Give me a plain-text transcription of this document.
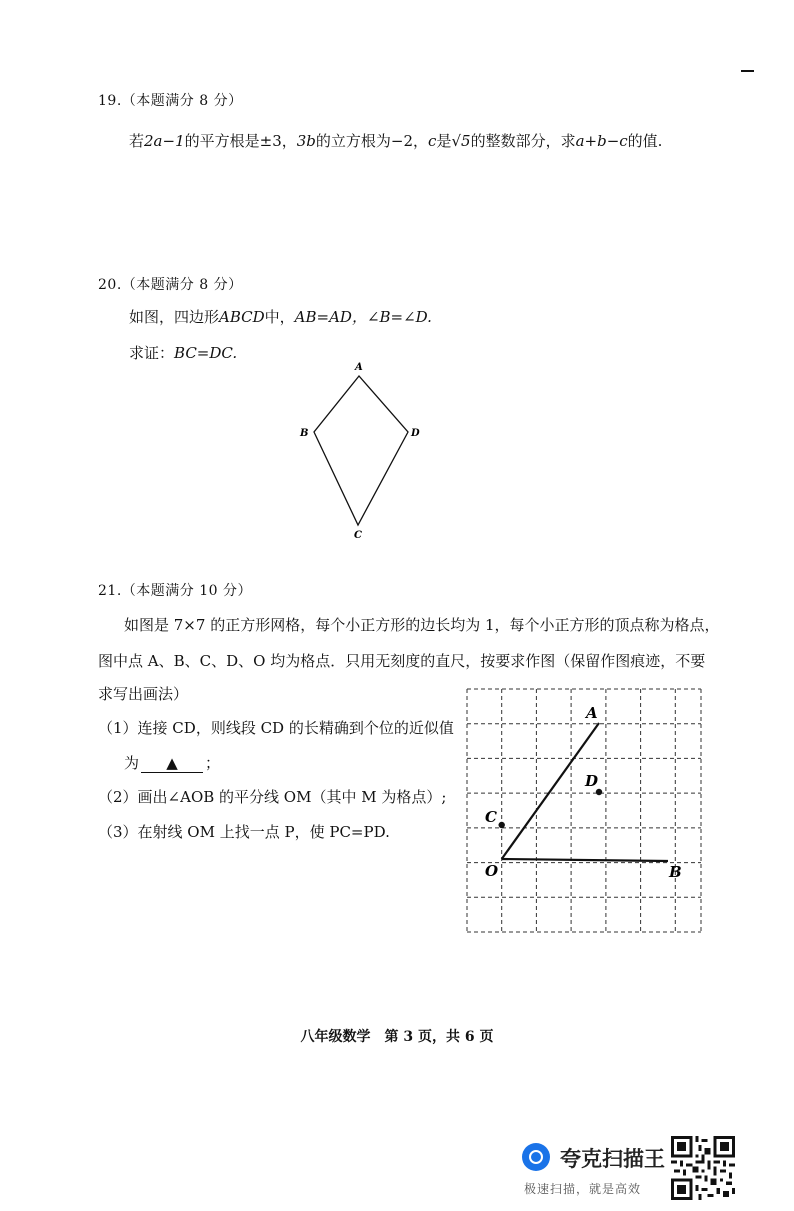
19.（本题满分 8 分）
若2a−1的平方根是±3，3b的立方根为−2，c是√5的整数部分，求a+b−c的值.
20.（本题满分 8 分）
如图，四边形ABCD中，AB=AD，∠B=∠D.
求证：BC=DC.
A
B
C
D
21.（本题满分 10 分）
如图是 7×7 的正方形网格，每个小正方形的边长均为 1，每个小正方形的顶点称为格点，
图中点 A、B、C、D、O 均为格点．只用无刻度的直尺，按要求作图（保留作图痕迹，不要
求写出画法）
（1）连接 CD，则线段 CD 的长精确到个位的近似值
为 ▲ ；
（2）画出∠AOB 的平分线 OM（其中 M 为格点）;
（3）在射线 OM 上找一点 P，使 PC=PD.
A
D
C
O	B
八年级数学　第 3 页，共 6 页
夸克扫描王
极速扫描，就是高效
